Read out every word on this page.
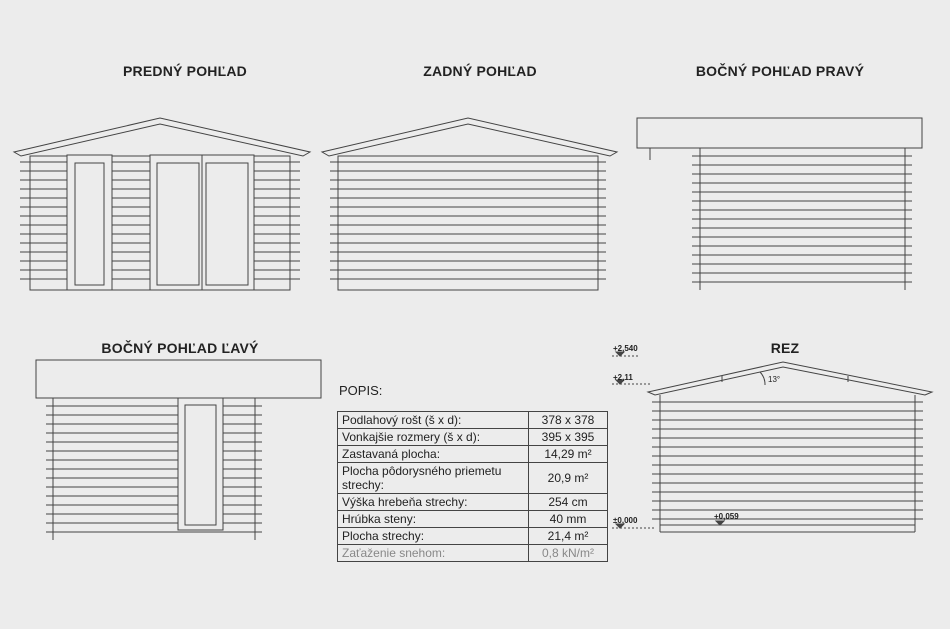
PREDNÝ POHĽAD	ZADNÝ POHĽAD	BOČNÝ POHĽAD PRAVÝ
BOČNÝ POHĽAD ĽAVÝ	REZ
+2,540
+2,11
±0,000	+0,059
13°
POPIS:
Podlahový rošt (š x d):	378 x 378
Vonkajšie rozmery (š x d):	395 x 395
Zastavaná plocha:	14,29 m²
Plocha pôdorysného priemetu strechy:	20,9 m²
Výška hrebeňa strechy:	254 cm
Hrúbka steny:	40 mm
Plocha strechy:	21,4 m²
Zaťaženie snehom:	0,8 kN/m²
